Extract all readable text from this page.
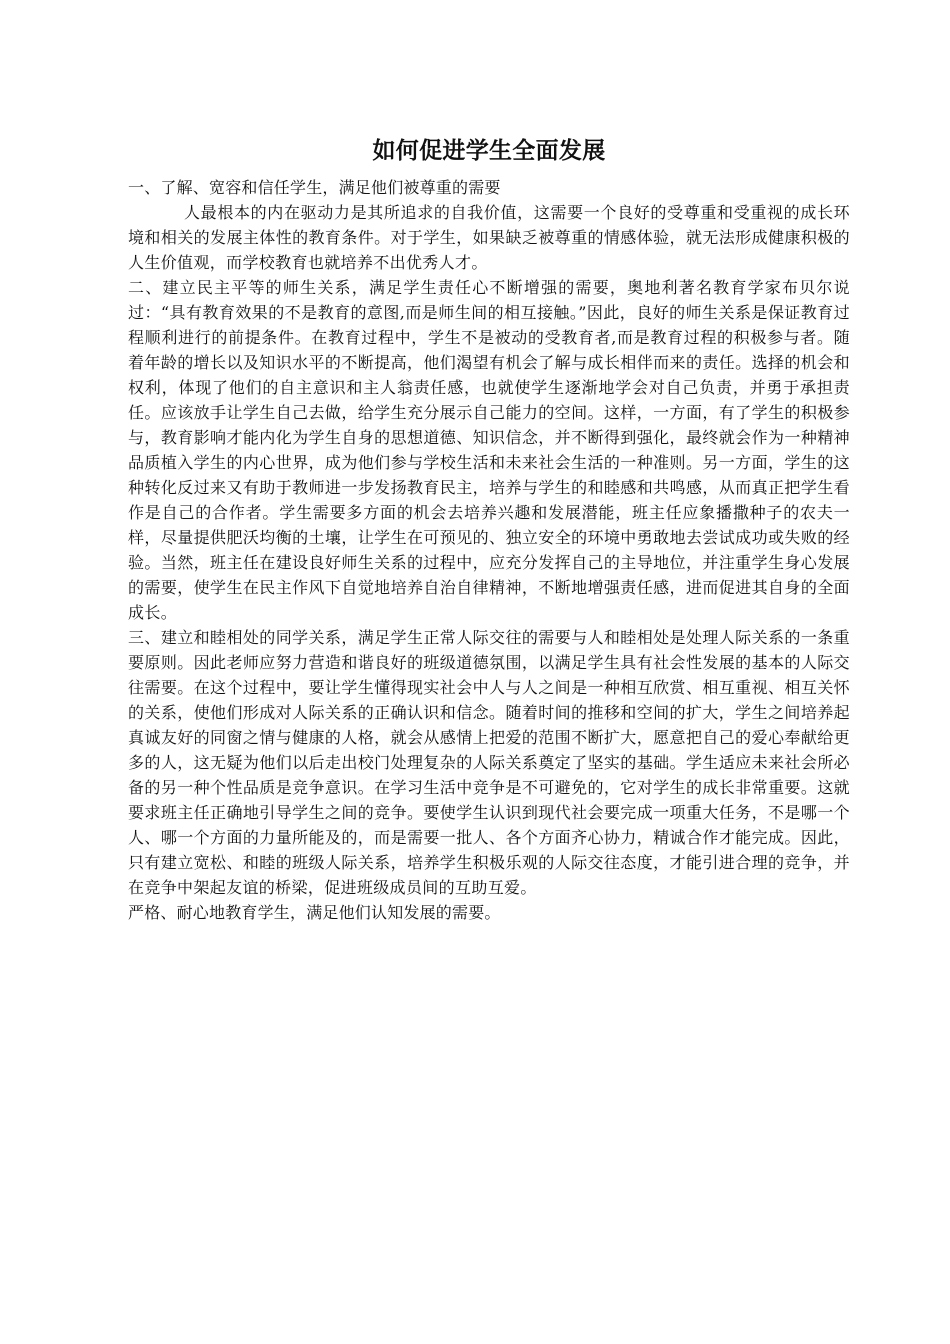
如何促进学生全面发展

一、了解、宽容和信任学生，满足他们被尊重的需要

人最根本的内在驱动力是其所追求的自我价值，这需要一个良好的受尊重和受重视的成长环境和相关的发展主体性的教育条件。对于学生，如果缺乏被尊重的情感体验，就无法形成健康积极的人生价值观，而学校教育也就培养不出优秀人才。

二、建立民主平等的师生关系，满足学生责任心不断增强的需要，奥地利著名教育学家布贝尔说过：“具有教育效果的不是教育的意图,而是师生间的相互接触。”因此，良好的师生关系是保证教育过程顺利进行的前提条件。在教育过程中，学生不是被动的受教育者,而是教育过程的积极参与者。随着年龄的增长以及知识水平的不断提高，他们渴望有机会了解与成长相伴而来的责任。选择的机会和权利，体现了他们的自主意识和主人翁责任感，也就使学生逐渐地学会对自己负责，并勇于承担责任。应该放手让学生自己去做，给学生充分展示自己能力的空间。这样，一方面，有了学生的积极参与，教育影响才能内化为学生自身的思想道德、知识信念，并不断得到强化，最终就会作为一种精神品质植入学生的内心世界，成为他们参与学校生活和未来社会生活的一种准则。另一方面，学生的这种转化反过来又有助于教师进一步发扬教育民主，培养与学生的和睦感和共鸣感，从而真正把学生看作是自己的合作者。学生需要多方面的机会去培养兴趣和发展潜能，班主任应象播撒种子的农夫一样，尽量提供肥沃均衡的土壤，让学生在可预见的、独立安全的环境中勇敢地去尝试成功或失败的经验。当然，班主任在建设良好师生关系的过程中，应充分发挥自己的主导地位，并注重学生身心发展的需要，使学生在民主作风下自觉地培养自治自律精神，不断地增强责任感，进而促进其自身的全面成长。

三、建立和睦相处的同学关系，满足学生正常人际交往的需要与人和睦相处是处理人际关系的一条重要原则。因此老师应努力营造和谐良好的班级道德氛围，以满足学生具有社会性发展的基本的人际交往需要。在这个过程中，要让学生懂得现实社会中人与人之间是一种相互欣赏、相互重视、相互关怀的关系，使他们形成对人际关系的正确认识和信念。随着时间的推移和空间的扩大，学生之间培养起真诚友好的同窗之情与健康的人格，就会从感情上把爱的范围不断扩大，愿意把自己的爱心奉献给更多的人，这无疑为他们以后走出校门处理复杂的人际关系奠定了坚实的基础。学生适应未来社会所必备的另一种个性品质是竞争意识。在学习生活中竞争是不可避免的，它对学生的成长非常重要。这就要求班主任正确地引导学生之间的竞争。要使学生认识到现代社会要完成一项重大任务，不是哪一个人、哪一个方面的力量所能及的，而是需要一批人、各个方面齐心协力，精诚合作才能完成。因此，只有建立宽松、和睦的班级人际关系，培养学生积极乐观的人际交往态度，才能引进合理的竞争，并在竞争中架起友谊的桥梁，促进班级成员间的互助互爱。

严格、耐心地教育学生，满足他们认知发展的需要。
